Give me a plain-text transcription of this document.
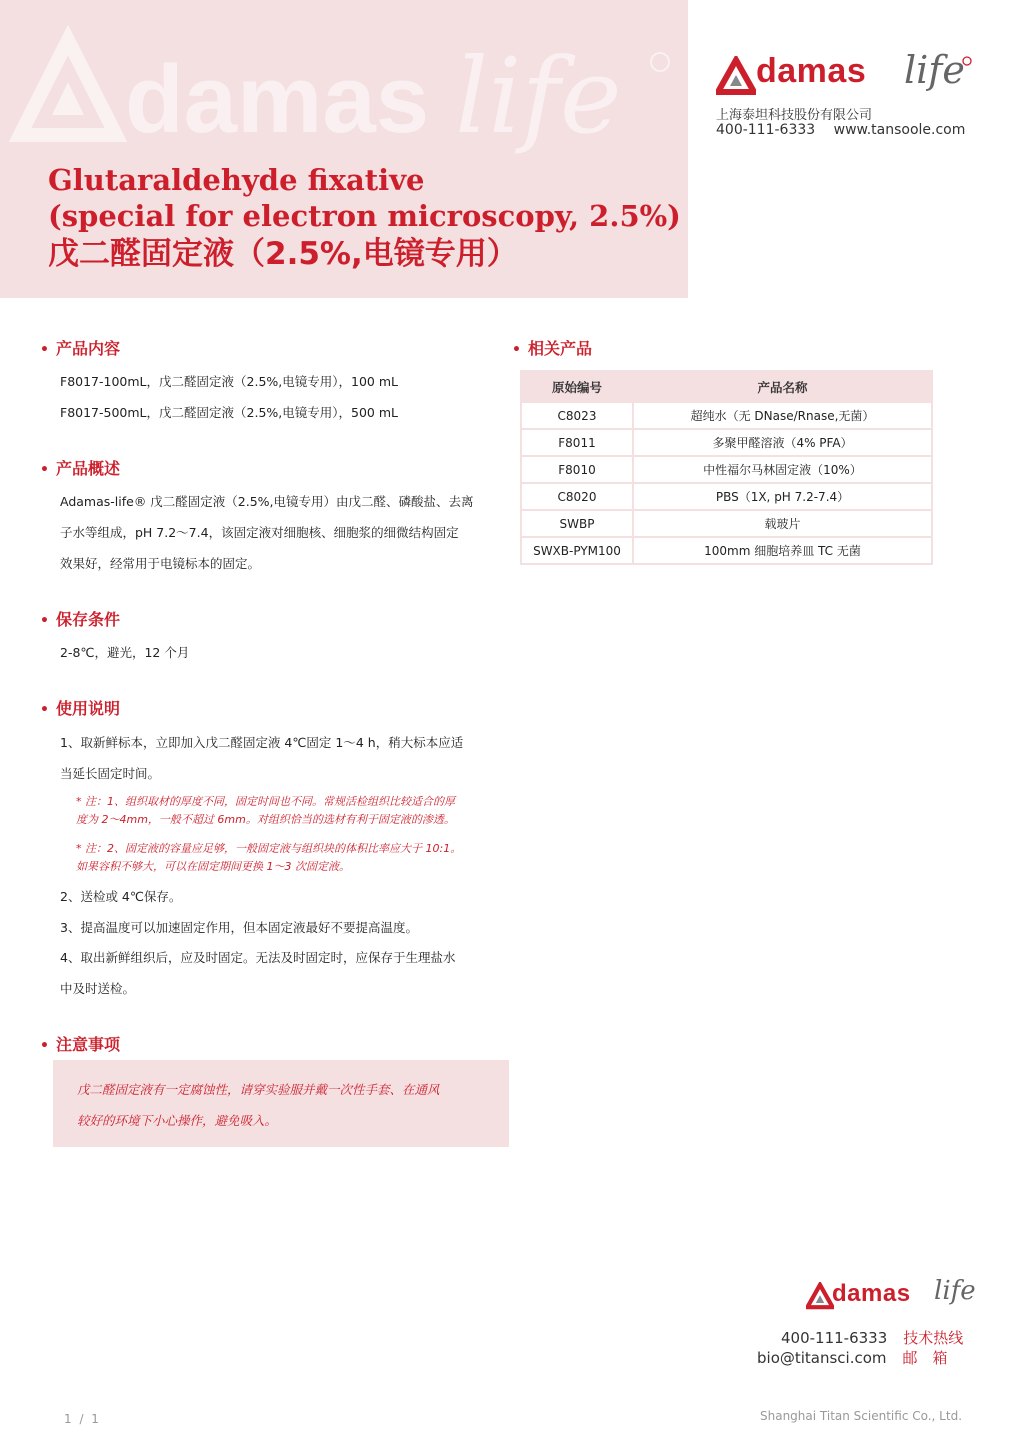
damas life
Glutaraldehyde fixative
(special for electron microscopy, 2.5%)
戊二醛固定液（2.5%,电镜专用）
damas life
上海泰坦科技股份有限公司
400-111-6333 www.tansoole.com
• 产品内容
F8017-100mL，戊二醛固定液（2.5%,电镜专用），100 mL
F8017-500mL，戊二醛固定液（2.5%,电镜专用），500 mL
• 产品概述
Adamas-life® 戊二醛固定液（2.5%,电镜专用）由戊二醛、磷酸盐、去离
子水等组成，pH 7.2～7.4，该固定液对细胞核、细胞浆的细微结构固定
效果好，经常用于电镜标本的固定。
• 保存条件
2-8℃，避光，12 个月
• 使用说明
1、取新鲜标本，立即加入戊二醛固定液 4℃固定 1～4 h，稍大标本应适
当延长固定时间。
* 注：1、组织取材的厚度不同，固定时间也不同。常规活检组织比较适合的厚
度为 2～4mm，一般不超过 6mm。对组织恰当的选材有利于固定液的渗透。
* 注：2、固定液的容量应足够，一般固定液与组织块的体积比率应大于 10:1。
如果容积不够大，可以在固定期间更换 1～3 次固定液。
2、送检或 4℃保存。
3、提高温度可以加速固定作用，但本固定液最好不要提高温度。
4、取出新鲜组织后，应及时固定。无法及时固定时，应保存于生理盐水
中及时送检。
• 注意事项
戊二醛固定液有一定腐蚀性，请穿实验服并戴一次性手套、在通风
较好的环境下小心操作，避免吸入。
• 相关产品
原始编号	产品名称
C8023	超纯水（无 DNase/Rnase,无菌）
F8011	多聚甲醛溶液（4% PFA）
F8010	中性福尔马林固定液（10%）
C8020	PBS（1X, pH 7.2-7.4）
SWBP	载玻片
SWXB-PYM100	100mm 细胞培养皿 TC 无菌
damas life
400-111-6333 技术热线
bio@titansci.com 邮　箱
1 / 1	Shanghai Titan Scientific Co., Ltd.
